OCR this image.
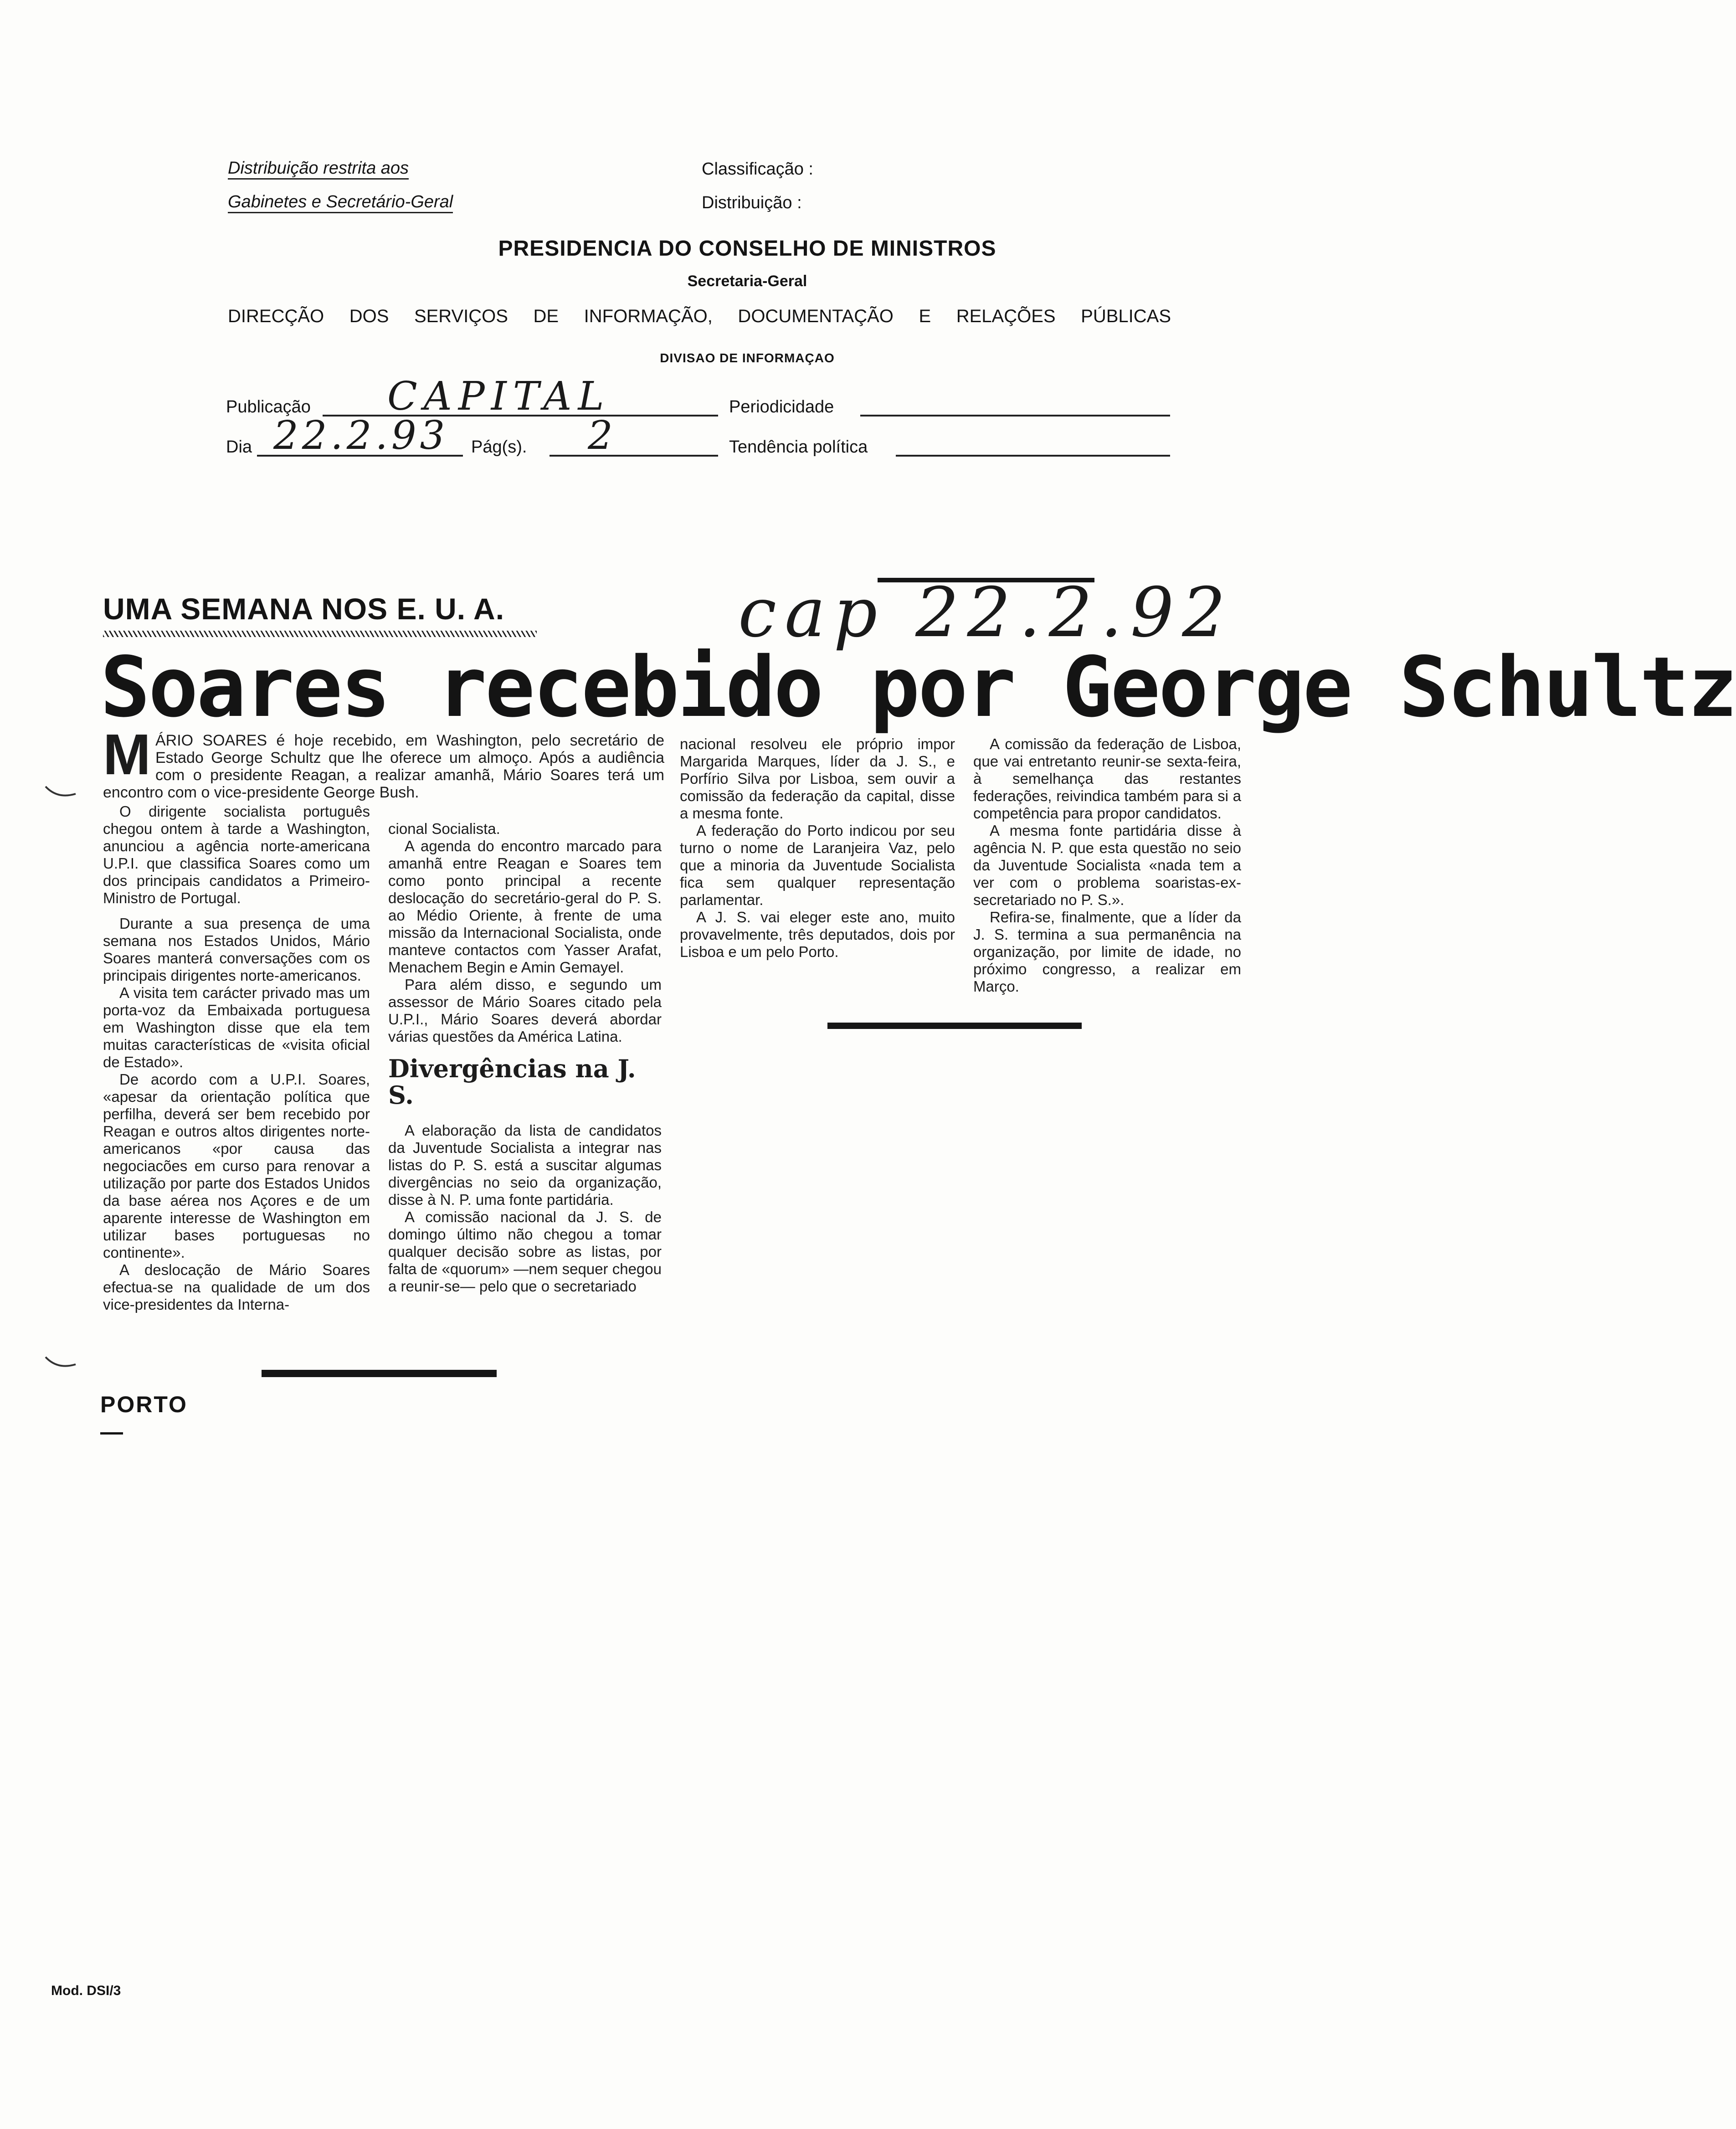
Distribuição restrita aos
Gabinetes e Secretário-Geral
Classificação :
Distribuição :
PRESIDENCIA DO CONSELHO DE MINISTROS
Secretaria-Geral
DIRECÇÃO DOS SERVIÇOS DE INFORMAÇÃO, DOCUMENTAÇÃO E RELAÇÕES PÚBLICAS
DIVISAO DE INFORMAÇAO
Publicação CAPITAL	Periodicidade
Dia 22.2.93 Pág(s). 2	Tendência política
UMA SEMANA NOS E. U. A.	cap 22.2.92
Soares recebido por George Schultz
M ÁRIO SOARES é hoje recebido, em Washington, pelo secretário de Estado George Schultz que lhe oferece um almoço. Após a audiência com o presidente Reagan, a realizar amanhã, Mário Soares terá um encontro com o vice-presidente George Bush.

O dirigente socialista português chegou ontem à tarde a Washington, anunciou a agência norte-americana U.P.I. que classifica Soares como um dos principais candidatos a Primeiro-Ministro de Portugal.

Durante a sua presença de uma semana nos Estados Unidos, Mário Soares manterá conversações com os principais dirigentes norte-americanos.

A visita tem carácter privado mas um porta-voz da Embaixada portuguesa em Washington disse que ela tem muitas características de «visita oficial de Estado».

De acordo com a U.P.I. Soares, «apesar da orientação política que perfilha, deverá ser bem recebido por Reagan e outros altos dirigentes norte-americanos «por causa das negociacões em curso para renovar a utilização por parte dos Estados Unidos da base aérea nos Açores e de um aparente interesse de Washington em utilizar bases portuguesas no continente».

A deslocação de Mário Soares efectua-se na qualidade de um dos vice-presidentes da Interna-

cional Socialista.

A agenda do encontro marcado para amanhã entre Reagan e Soares tem como ponto principal a recente deslocação do secretário-geral do P. S. ao Médio Oriente, à frente de uma missão da Internacional Socialista, onde manteve contactos com Yasser Arafat, Menachem Begin e Amin Gemayel.

Para além disso, e segundo um assessor de Mário Soares citado pela U.P.I., Mário Soares deverá abordar várias questões da América Latina.

Divergências na J. S.

A elaboração da lista de candidatos da Juventude Socialista a integrar nas listas do P. S. está a suscitar algumas divergências no seio da organização, disse à N. P. uma fonte partidária.

A comissão nacional da J. S. de domingo último não chegou a tomar qualquer decisão sobre as listas, por falta de «quorum» —nem sequer chegou a reunir-se— pelo que o secretariado

nacional resolveu ele próprio impor Margarida Marques, líder da J. S., e Porfírio Silva por Lisboa, sem ouvir a comissão da federação da capital, disse a mesma fonte.

A federação do Porto indicou por seu turno o nome de Laranjeira Vaz, pelo que a minoria da Juventude Socialista fica sem qualquer representação parlamentar.

A J. S. vai eleger este ano, muito provavelmente, três deputados, dois por Lisboa e um pelo Porto.

A comissão da federação de Lisboa, que vai entretanto reunir-se sexta-feira, à semelhança das restantes federações, reivindica também para si a competência para propor candidatos.

A mesma fonte partidária disse à agência N. P. que esta questão no seio da Juventude Socialista «nada tem a ver com o problema soaristas-ex-secretariado no P. S.».

Refira-se, finalmente, que a líder da J. S. termina a sua permanência na organização, por limite de idade, no próximo congresso, a realizar em Março.

PORTO —
Mod. DSI/3
